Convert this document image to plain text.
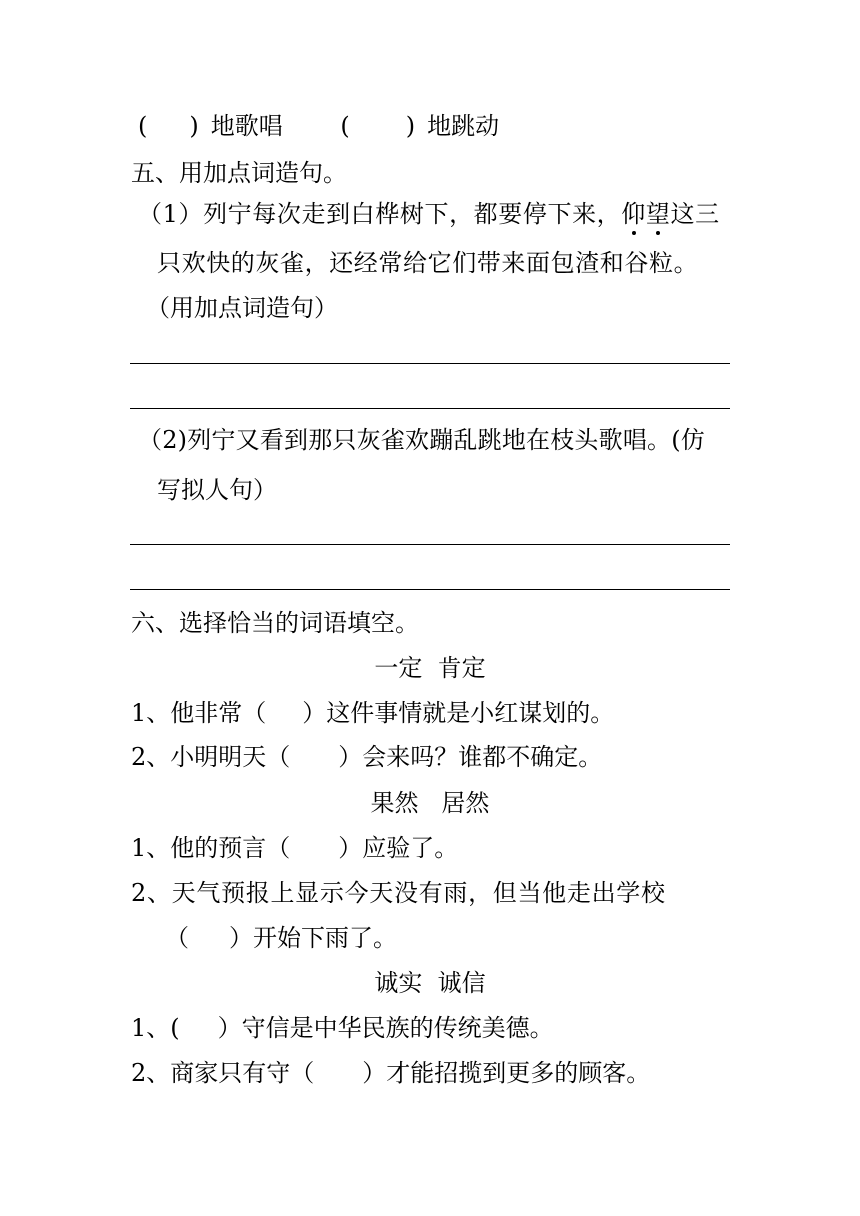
( ) 地歌唱 ( ) 地跳动
五、用加点词造句。
（1）列宁每次走到白桦树下，都要停下来，仰望这三
只欢快的灰雀，还经常给它们带来面包渣和谷粒。
（用加点词造句）
（2)列宁又看到那只灰雀欢蹦乱跳地在枝头歌唱。(仿
写拟人句）
六、选择恰当的词语填空。
一定  肯定
1、他非常（ ）这件事情就是小红谋划的。
2、小明明天（ ）会来吗？谁都不确定。
果然   居然
1、他的预言（ ）应验了。
2、天气预报上显示今天没有雨，但当他走出学校
（ ）开始下雨了。
诚实  诚信
1、( ）守信是中华民族的传统美德。
2、商家只有守（ ）才能招揽到更多的顾客。
